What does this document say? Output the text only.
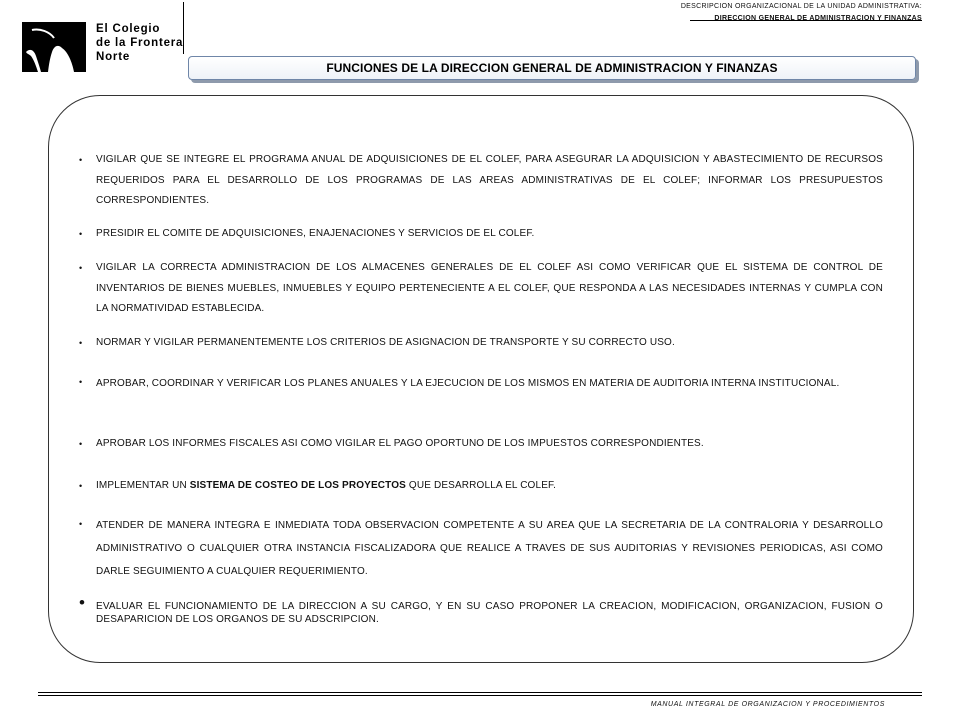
DESCRIPCION ORGANIZACIONAL DE LA UNIDAD ADMINISTRATIVA:
DIRECCION GENERAL DE ADMINISTRACION Y FINANZAS
El Colegio
de la Frontera
Norte
FUNCIONES DE LA DIRECCION GENERAL DE ADMINISTRACION Y FINANZAS
• VIGILAR QUE SE INTEGRE EL PROGRAMA ANUAL DE ADQUISICIONES DE EL COLEF, PARA ASEGURAR LA ADQUISICION Y ABASTECIMIENTO DE RECURSOS REQUERIDOS PARA EL DESARROLLO DE LOS PROGRAMAS DE LAS AREAS ADMINISTRATIVAS DE EL COLEF; INFORMAR LOS PRESUPUESTOS CORRESPONDIENTES.
• PRESIDIR EL COMITE DE ADQUISICIONES, ENAJENACIONES Y SERVICIOS DE EL COLEF.
• VIGILAR LA CORRECTA ADMINISTRACION DE LOS ALMACENES GENERALES DE EL COLEF ASI COMO VERIFICAR QUE EL SISTEMA DE CONTROL DE INVENTARIOS DE BIENES MUEBLES, INMUEBLES Y EQUIPO PERTENECIENTE A EL COLEF, QUE RESPONDA A LAS NECESIDADES INTERNAS Y CUMPLA CON LA NORMATIVIDAD ESTABLECIDA.
• NORMAR Y VIGILAR PERMANENTEMENTE LOS CRITERIOS DE ASIGNACION DE TRANSPORTE Y SU CORRECTO USO.
• APROBAR, COORDINAR Y VERIFICAR LOS PLANES ANUALES Y LA EJECUCION DE LOS MISMOS EN MATERIA DE AUDITORIA INTERNA INSTITUCIONAL.
• APROBAR LOS INFORMES FISCALES ASI COMO VIGILAR EL PAGO OPORTUNO DE LOS IMPUESTOS CORRESPONDIENTES.
• IMPLEMENTAR UN SISTEMA DE COSTEO DE LOS PROYECTOS QUE DESARROLLA EL COLEF.
• ATENDER DE MANERA INTEGRA E INMEDIATA TODA OBSERVACION COMPETENTE A SU AREA QUE LA SECRETARIA DE LA CONTRALORIA Y DESARROLLO ADMINISTRATIVO O CUALQUIER OTRA INSTANCIA FISCALIZADORA QUE REALICE A TRAVES DE SUS AUDITORIAS Y REVISIONES PERIODICAS, ASI COMO DARLE SEGUIMIENTO A CUALQUIER REQUERIMIENTO.
• EVALUAR EL FUNCIONAMIENTO DE LA DIRECCION A SU CARGO, Y EN SU CASO PROPONER LA CREACION, MODIFICACION, ORGANIZACION, FUSION O DESAPARICION DE LOS ORGANOS DE SU ADSCRIPCION.
MANUAL INTEGRAL DE ORGANIZACION Y PROCEDIMIENTOS
